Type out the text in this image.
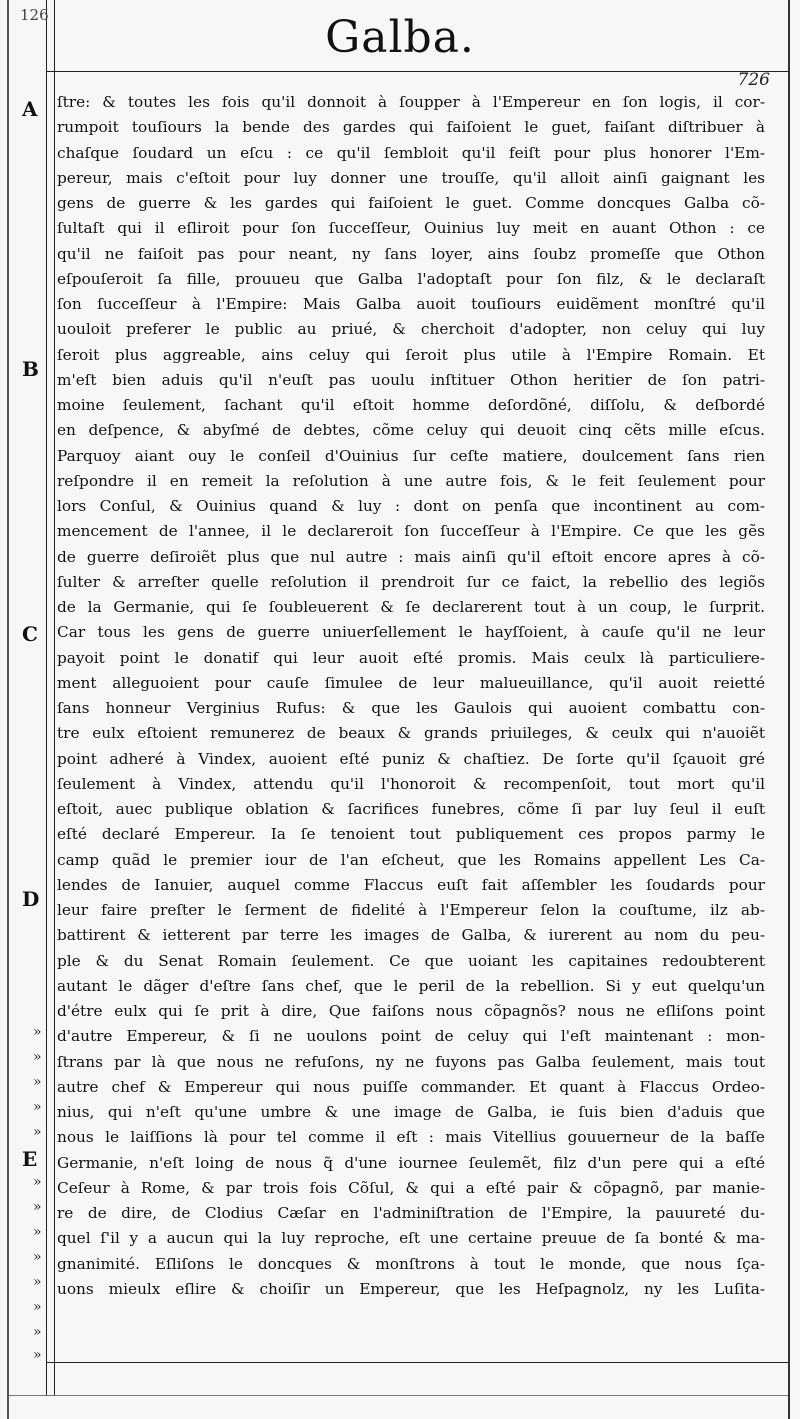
126	Galba.
726
A
B
C
D
E
»
»
»
»
»
»
»
»
»
»
»
»
»
ſtre: & toutes les fois qu'il donnoit à ſoupper à l'Empereur en ſon logis, il cor-
rumpoit touſiours la bende des gardes qui faiſoient le guet, faiſant diſtribuer à
chaſque ſoudard un eſcu : ce qu'il ſembloit qu'il feiſt pour plus honorer l'Em-
pereur, mais c'eſtoit pour luy donner une trouſſe, qu'il alloit ainſi gaignant les
gens de guerre & les gardes qui faiſoient le guet. Comme doncques Galba cõ-
ſultaſt qui il eſliroit pour ſon ſucceſſeur, Ouinius luy meit en auant Othon : ce
qu'il ne faiſoit pas pour neant, ny ſans loyer, ains ſoubz promeſſe que Othon
eſpouſeroit ſa fille, prouueu que Galba l'adoptaſt pour ſon filz, & le declaraſt
ſon ſucceſſeur à l'Empire: Mais Galba auoit touſiours euidẽment monſtré qu'il
uouloit preferer le public au priué, & cherchoit d'adopter, non celuy qui luy
ſeroit plus aggreable, ains celuy qui ſeroit plus utile à l'Empire Romain. Et
m'eſt bien aduis qu'il n'euſt pas uoulu inſtituer Othon heritier de ſon patri-
moine ſeulement, ſachant qu'il eſtoit homme deſordõné, diſſolu, & deſbordé
en deſpence, & abyſmé de debtes, cõme celuy qui deuoit cinq cẽts mille eſcus.
Parquoy aiant ouy le conſeil d'Ouinius ſur ceſte matiere, doulcement ſans rien
reſpondre il en remeit la reſolution à une autre fois, & le feit ſeulement pour
lors Conſul, & Ouinius quand & luy : dont on penſa que incontinent au com-
mencement de l'annee, il le declareroit ſon ſucceſſeur à l'Empire. Ce que les gẽs
de guerre deſiroiẽt plus que nul autre : mais ainſi qu'il eſtoit encore apres à cõ-
ſulter & arreſter quelle reſolution il prendroit ſur ce faict, la rebellio des legiõs
de la Germanie, qui ſe ſoubleuerent & ſe declarerent tout à un coup, le ſurprit.
Car tous les gens de guerre uniuerſellement le hayſſoient, à cauſe qu'il ne leur
payoit point le donatif qui leur auoit eſté promis. Mais ceulx là particuliere-
ment alleguoient pour cauſe ſimulee de leur malueuillance, qu'il auoit reietté
ſans honneur Verginius Rufus: & que les Gaulois qui auoient combattu con-
tre eulx eſtoient remunerez de beaux & grands priuileges, & ceulx qui n'auoiẽt
point adheré à Vindex, auoient eſté puniz & chaſtiez. De ſorte qu'il ſçauoit gré
ſeulement à Vindex, attendu qu'il l'honoroit & recompenſoit, tout mort qu'il
eſtoit, auec publique oblation & ſacrifices funebres, cõme ſi par luy ſeul il euſt
eſté declaré Empereur. Ia ſe tenoient tout publiquement ces propos parmy le
camp quãd le premier iour de l'an eſcheut, que les Romains appellent Les Ca-
lendes de Ianuier, auquel comme Flaccus euſt fait aſſembler les ſoudards pour
leur faire preſter le ſerment de fidelité à l'Empereur ſelon la couſtume, ilz ab-
battirent & ietterent par terre les images de Galba, & iurerent au nom du peu-
ple & du Senat Romain ſeulement. Ce que uoiant les capitaines redoubterent
autant le dãger d'eſtre ſans chef, que le peril de la rebellion. Si y eut quelqu'un
d'étre eulx qui ſe prit à dire, Que faiſons nous cõpagnõs? nous ne eſliſons point
d'autre Empereur, & ſi ne uoulons point de celuy qui l'eſt maintenant : mon-
ſtrans par là que nous ne refuſons, ny ne fuyons pas Galba ſeulement, mais tout
autre chef & Empereur qui nous puiſſe commander. Et quant à Flaccus Ordeo-
nius, qui n'eſt qu'une umbre & une image de Galba, ie ſuis bien d'aduis que
nous le laiſſions là pour tel comme il eſt : mais Vitellius gouuerneur de la baſſe
Germanie, n'eſt loing de nous q̃ d'une iournee ſeulemẽt, filz d'un pere qui a eſté
Ceſeur à Rome, & par trois fois Cõſul, & qui a eſté pair & cõpagnõ, par manie-
re de dire, de Clodius Cæſar en l'adminiſtration de l'Empire, la pauureté du-
quel ſ'il y a aucun qui la luy reproche, eſt une certaine preuue de ſa bonté & ma-
gnanimité. Eſliſons le doncques & monſtrons à tout le monde, que nous ſça-
uons mieulx eſlire & choiſir un Empereur, que les Heſpagnolz, ny les Luſita-
